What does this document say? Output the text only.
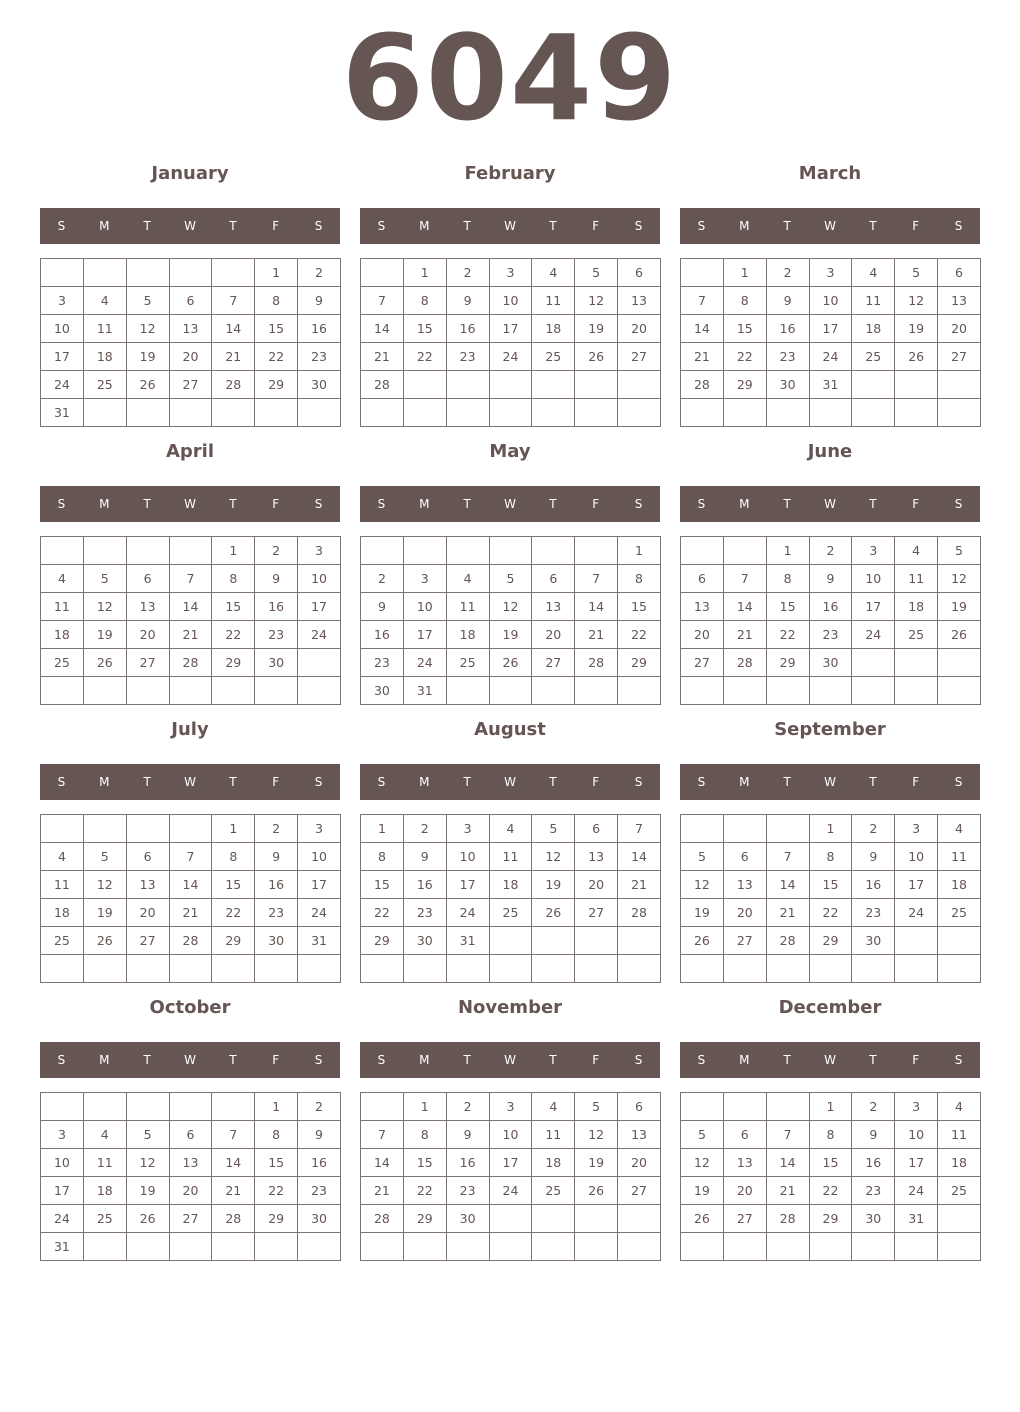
6049
January
S	M	T	W	T	F	S
					1	2
3	4	5	6	7	8	9
10	11	12	13	14	15	16
17	18	19	20	21	22	23
24	25	26	27	28	29	30
31						
February
S	M	T	W	T	F	S
	1	2	3	4	5	6
7	8	9	10	11	12	13
14	15	16	17	18	19	20
21	22	23	24	25	26	27
28						

March
S	M	T	W	T	F	S
	1	2	3	4	5	6
7	8	9	10	11	12	13
14	15	16	17	18	19	20
21	22	23	24	25	26	27
28	29	30	31			

April
S	M	T	W	T	F	S
				1	2	3
4	5	6	7	8	9	10
11	12	13	14	15	16	17
18	19	20	21	22	23	24
25	26	27	28	29	30	

May
S	M	T	W	T	F	S
						1
2	3	4	5	6	7	8
9	10	11	12	13	14	15
16	17	18	19	20	21	22
23	24	25	26	27	28	29
30	31					
June
S	M	T	W	T	F	S
		1	2	3	4	5
6	7	8	9	10	11	12
13	14	15	16	17	18	19
20	21	22	23	24	25	26
27	28	29	30			

July
S	M	T	W	T	F	S
				1	2	3
4	5	6	7	8	9	10
11	12	13	14	15	16	17
18	19	20	21	22	23	24
25	26	27	28	29	30	31

August
S	M	T	W	T	F	S
1	2	3	4	5	6	7
8	9	10	11	12	13	14
15	16	17	18	19	20	21
22	23	24	25	26	27	28
29	30	31				

September
S	M	T	W	T	F	S
			1	2	3	4
5	6	7	8	9	10	11
12	13	14	15	16	17	18
19	20	21	22	23	24	25
26	27	28	29	30		

October
S	M	T	W	T	F	S
					1	2
3	4	5	6	7	8	9
10	11	12	13	14	15	16
17	18	19	20	21	22	23
24	25	26	27	28	29	30
31						
November
S	M	T	W	T	F	S
	1	2	3	4	5	6
7	8	9	10	11	12	13
14	15	16	17	18	19	20
21	22	23	24	25	26	27
28	29	30				

December
S	M	T	W	T	F	S
			1	2	3	4
5	6	7	8	9	10	11
12	13	14	15	16	17	18
19	20	21	22	23	24	25
26	27	28	29	30	31	
